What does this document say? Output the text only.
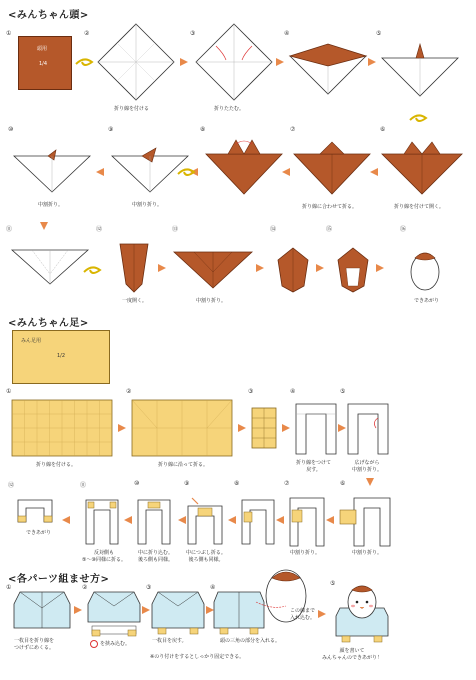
<みんちゃん頭>
①
頭用
1/4
②
折り線を付ける
③
折りたたむ。
④	⑤
⑥
折り線を付けて開く。
⑦
折り線に合わせて折る。
⑧
⑨
中割り折り。
⑩
中割折り。
⑪	⑫
一度開く。
⑬
中割り折り。
⑭	⑮	⑯
できあがり
<みんちゃん足>
みん足用
1/2
①
折り線を付ける。
②
折り線に沿って折る。
③	④
折り線をつけて
戻す。
⑤
広げながら
中割り折り。
⑥
中割り折り。
⑦
中割り折り。
⑧
⑨
中につぶし折る。
後ろ側も同様。
⑩
中に折り込む。
後ろ側も同様。
⑪
反対側も
⑤～⑩同様に折る。
⑫
できあがり
<各パーツ組ませ方>
①
一枚目を折り線を
つけずにめくる。
②
を挟み込む。
③
一枚目を戻す。
④
頭の三角の部分を入れる。
この線まで
入れ込む。
⑤
顔を書いて
みんちゃんのできあがり！
※のり付けをするとしっかり固定できる。
